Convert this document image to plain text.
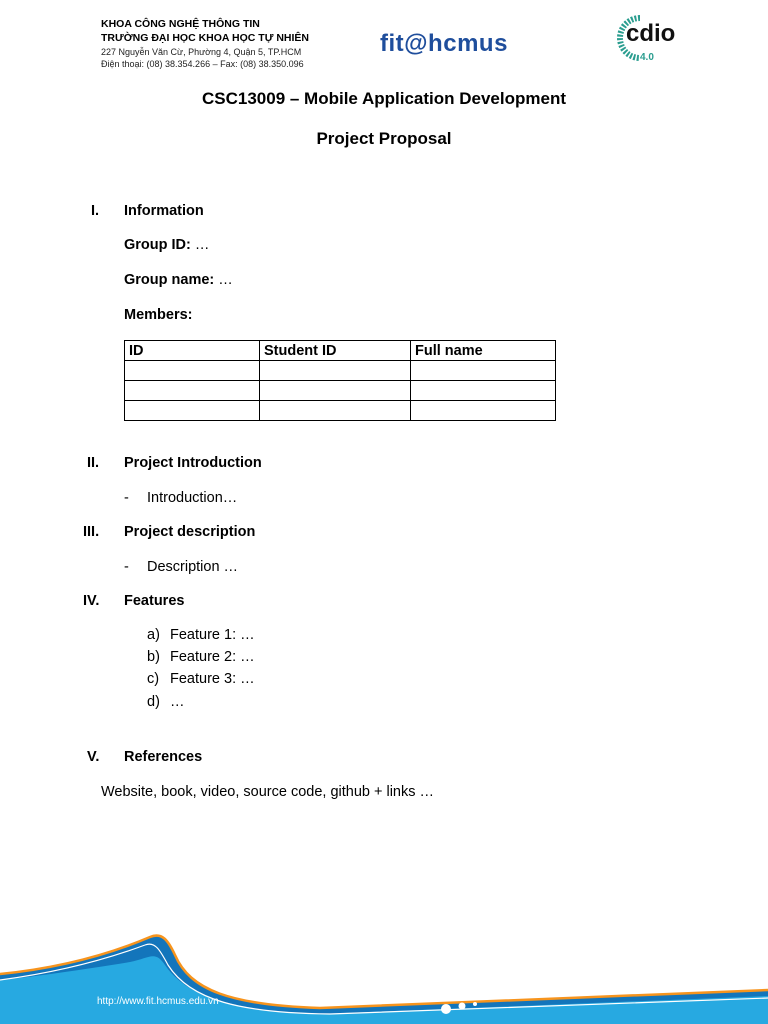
KHOA CÔNG NGHỆ THÔNG TIN
TRƯỜNG ĐẠI HỌC KHOA HỌC TỰ NHIÊN
227 Nguyễn Văn Cừ, Phường 4, Quận 5, TP.HCM
Điện thoại: (08) 38.354.266 – Fax: (08) 38.350.096
fit@hcmus	cdio
4.0
CSC13009 – Mobile Application Development
Project Proposal
I. Information
Group ID: …
Group name: …
Members:
ID	Student ID	Full name

II. Project Introduction
- Introduction…
III. Project description
- Description …
IV. Features
a) Feature 1: …
b) Feature 2: …
c) Feature 3: …
d) …
V. References
Website, book, video, source code, github + links …
http://www.fit.hcmus.edu.vn
